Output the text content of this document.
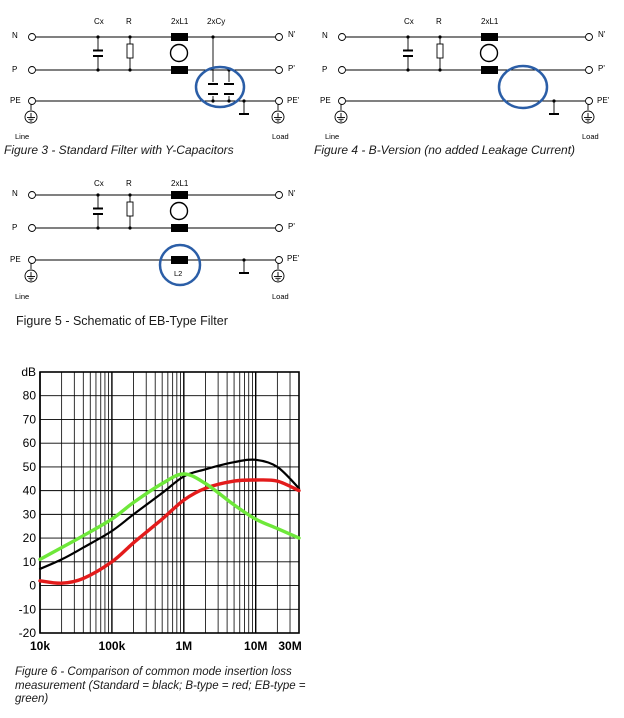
Cx	R	2xL1 2xCy
N
P
PE
N'
P'
PE'
Line	Load
Cx	R	2xL1
N
P
PE
N'
P'
PE'
Line	Load
Cx	R	2xL1
N
P
PE
N'
P'
PE'
Line	Load
L2
dB
80
70
60
50
40
30
20
10
0
-10
-20
10k	100k	1M	10M 30M
Figure 3 - Standard Filter with Y-Capacitors	Figure 4 - B-Version (no added Leakage Current)
Figure 5 - Schematic of EB-Type Filter
Figure 6 - Comparison of common mode insertion loss measurement (Standard = black; B-type = red; EB-type = green)
